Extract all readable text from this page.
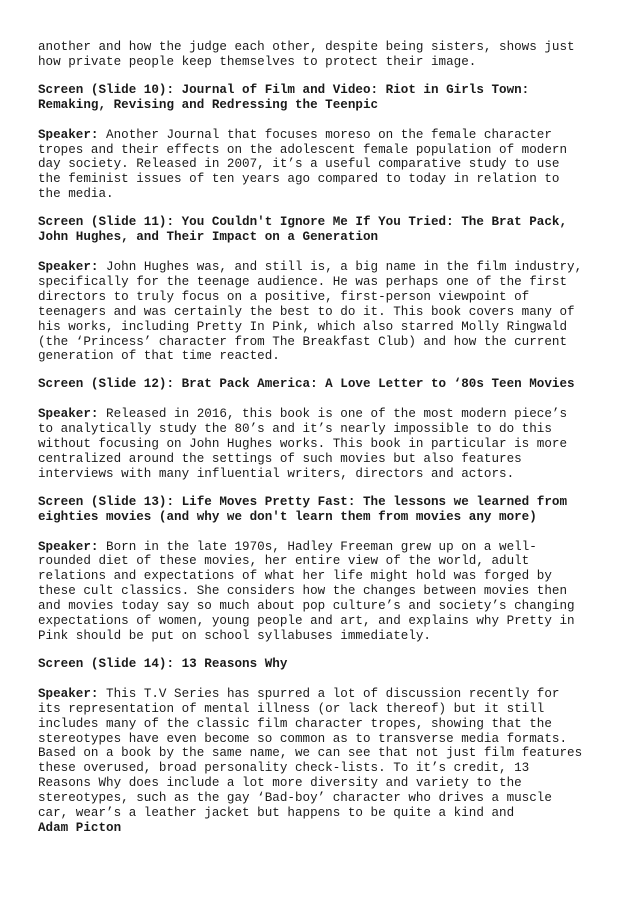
another and how the judge each other, despite being sisters, shows just
how private people keep themselves to protect their image.

Screen (Slide 10): Journal of Film and Video: Riot in Girls Town:
Remaking, Revising and Redressing the Teenpic

Speaker: Another Journal that focuses moreso on the female character
tropes and their effects on the adolescent female population of modern
day society. Released in 2007, it’s a useful comparative study to use
the feminist issues of ten years ago compared to today in relation to
the media.

Screen (Slide 11): You Couldn't Ignore Me If You Tried: The Brat Pack,
John Hughes, and Their Impact on a Generation

Speaker: John Hughes was, and still is, a big name in the film industry,
specifically for the teenage audience. He was perhaps one of the first
directors to truly focus on a positive, first-person viewpoint of
teenagers and was certainly the best to do it. This book covers many of
his works, including Pretty In Pink, which also starred Molly Ringwald
(the ‘Princess’ character from The Breakfast Club) and how the current
generation of that time reacted.

Screen (Slide 12): Brat Pack America: A Love Letter to ‘80s Teen Movies

Speaker: Released in 2016, this book is one of the most modern piece’s
to analytically study the 80’s and it’s nearly impossible to do this
without focusing on John Hughes works. This book in particular is more
centralized around the settings of such movies but also features
interviews with many influential writers, directors and actors.

Screen (Slide 13): Life Moves Pretty Fast: The lessons we learned from
eighties movies (and why we don't learn them from movies any more)

Speaker: Born in the late 1970s, Hadley Freeman grew up on a well-
rounded diet of these movies, her entire view of the world, adult
relations and expectations of what her life might hold was forged by
these cult classics. She considers how the changes between movies then
and movies today say so much about pop culture’s and society’s changing
expectations of women, young people and art, and explains why Pretty in
Pink should be put on school syllabuses immediately.

Screen (Slide 14): 13 Reasons Why

Speaker: This T.V Series has spurred a lot of discussion recently for
its representation of mental illness (or lack thereof) but it still
includes many of the classic film character tropes, showing that the
stereotypes have even become so common as to transverse media formats.
Based on a book by the same name, we can see that not just film features
these overused, broad personality check-lists. To it’s credit, 13
Reasons Why does include a lot more diversity and variety to the
stereotypes, such as the gay ‘Bad-boy’ character who drives a muscle
car, wear’s a leather jacket but happens to be quite a kind and

Adam Picton
